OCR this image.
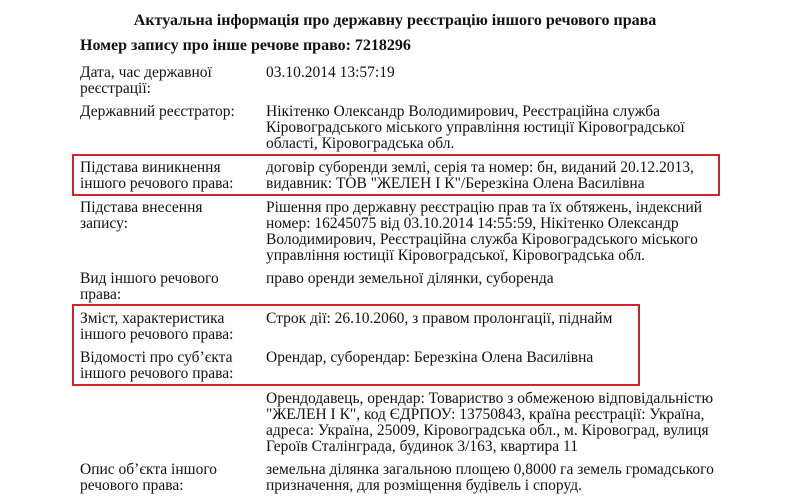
Актуальна інформація про державну реєстрацію іншого речового права
Номер запису про інше речове право: 7218296
Дата, час державної
реєстрації:
03.10.2014 13:57:19
Державний реєстратор:	Нікітенко Олександр Володимирович, Реєстраційна служба
Кіровоградського міського управління юстиції Кіровоградської
області, Кіровоградська обл.
Підстава виникнення
іншого речового права:
договір суборенди землі, серія та номер: бн, виданий 20.12.2013,
видавник: ТОВ "ЖЕЛЕН І К"/Березкіна Олена Василівна
Підстава внесення
запису:
Рішення про державну реєстрацію прав та їх обтяжень, індексний
номер: 16245075 від 03.10.2014 14:55:59, Нікітенко Олександр
Володимирович, Реєстраційна служба Кіровоградського міського
управління юстиції Кіровоградської, Кіровоградська обл.
Вид іншого речового
права:
право оренди земельної ділянки, суборенда
Зміст, характеристика
іншого речового права:
Строк дії: 26.10.2060, з правом пролонгації, піднайм
Відомості про суб’єкта
іншого речового права:
Орендар, суборендар: Березкіна Олена Василівна
Орендодавець, орендар: Товариство з обмеженою відповідальністю
"ЖЕЛЕН І К", код ЄДРПОУ: 13750843, країна реєстрації: Україна,
адреса: Україна, 25009, Кіровоградська обл., м. Кіровоград, вулиця
Героїв Сталінграда, будинок 3/163, квартира 11
Опис об’єкта іншого
речового права:
земельна ділянка загальною площею 0,8000 га земель громадського
призначення, для розміщення будівель і споруд.
